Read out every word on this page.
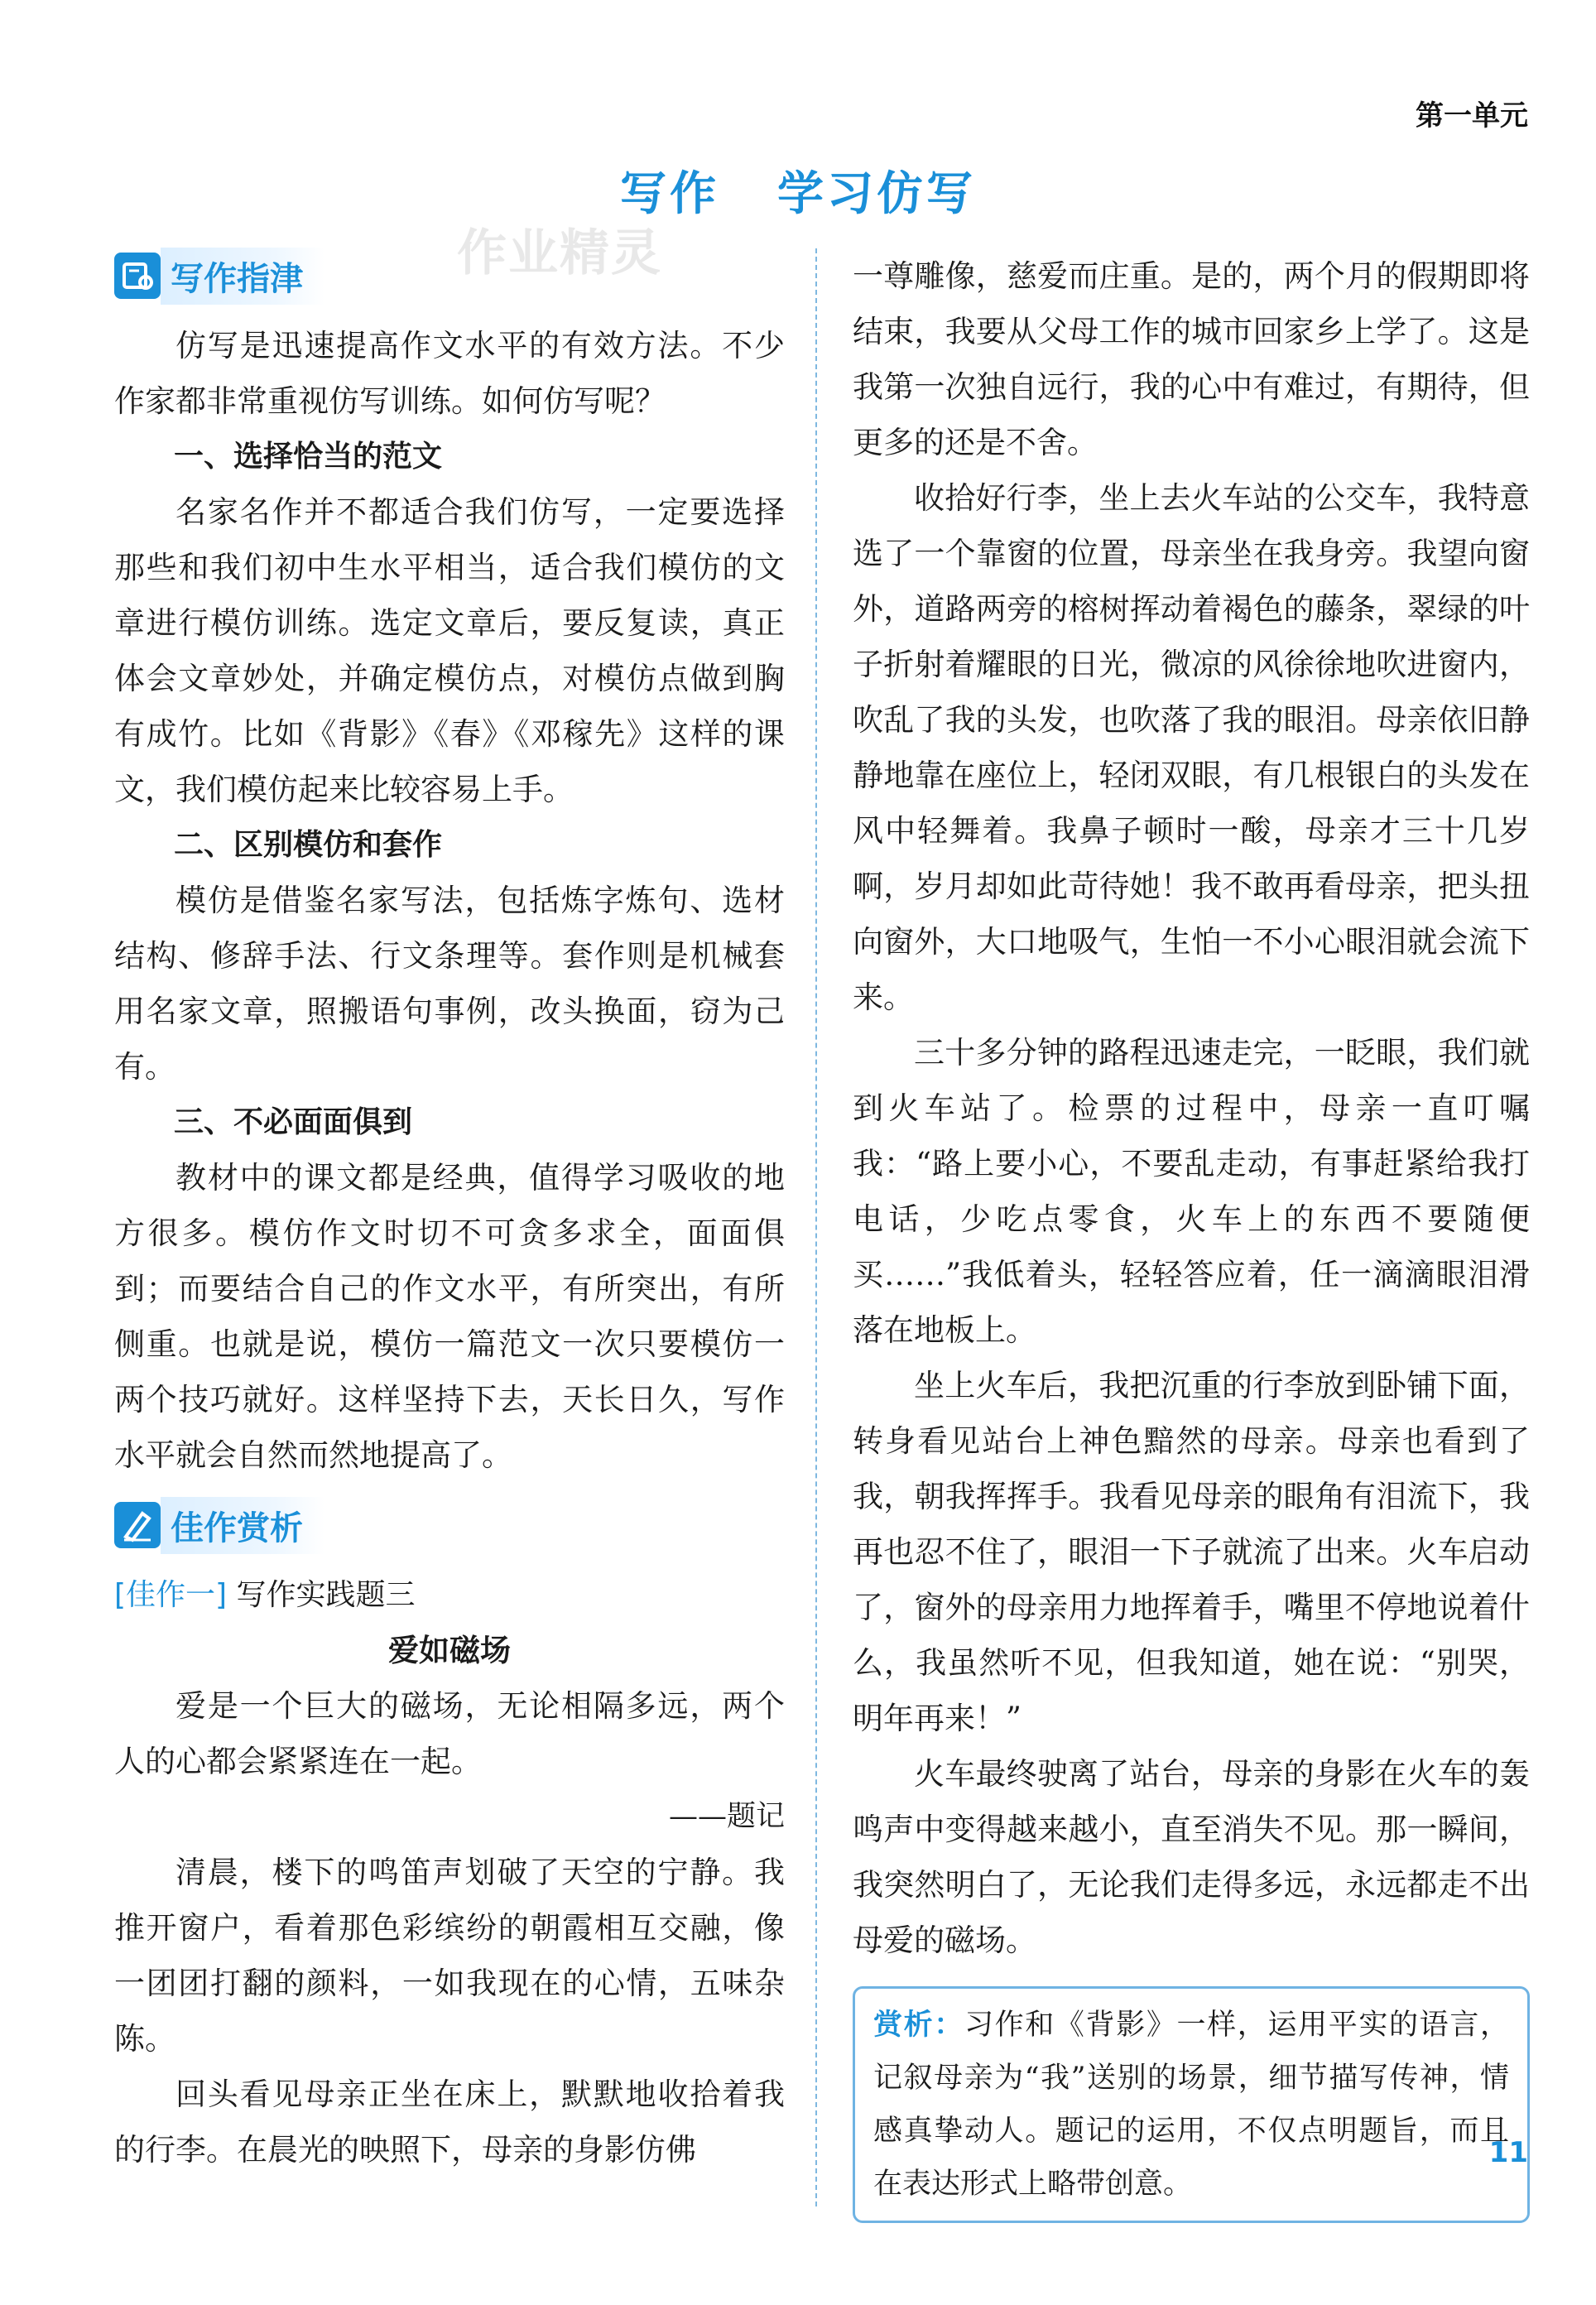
第一单元
写作 学习仿写
作业精灵
写作指津

仿写是迅速提高作文水平的有效方法。不少作家都非常重视仿写训练。如何仿写呢？

一、选择恰当的范文

名家名作并不都适合我们仿写，一定要选择那些和我们初中生水平相当，适合我们模仿的文章进行模仿训练。选定文章后，要反复读，真正体会文章妙处，并确定模仿点，对模仿点做到胸有成竹。比如《背影》《春》《邓稼先》这样的课文，我们模仿起来比较容易上手。

二、区别模仿和套作

模仿是借鉴名家写法，包括炼字炼句、选材结构、修辞手法、行文条理等。套作则是机械套用名家文章，照搬语句事例，改头换面，窃为己有。

三、不必面面俱到

教材中的课文都是经典，值得学习吸收的地方很多。模仿作文时切不可贪多求全，面面俱到；而要结合自己的作文水平，有所突出，有所侧重。也就是说，模仿一篇范文一次只要模仿一两个技巧就好。这样坚持下去，天长日久，写作水平就会自然而然地提高了。

佳作赏析
[佳作一] 写作实践题三
爱如磁场

爱是一个巨大的磁场，无论相隔多远，两个人的心都会紧紧连在一起。

——题记

清晨，楼下的鸣笛声划破了天空的宁静。我推开窗户，看着那色彩缤纷的朝霞相互交融，像一团团打翻的颜料，一如我现在的心情，五味杂陈。

回头看见母亲正坐在床上，默默地收拾着我的行李。在晨光的映照下，母亲的身影仿佛

一尊雕像，慈爱而庄重。是的，两个月的假期即将结束，我要从父母工作的城市回家乡上学了。这是我第一次独自远行，我的心中有难过，有期待，但更多的还是不舍。

收拾好行李，坐上去火车站的公交车，我特意选了一个靠窗的位置，母亲坐在我身旁。我望向窗外，道路两旁的榕树挥动着褐色的藤条，翠绿的叶子折射着耀眼的日光，微凉的风徐徐地吹进窗内，吹乱了我的头发，也吹落了我的眼泪。母亲依旧静静地靠在座位上，轻闭双眼，有几根银白的头发在风中轻舞着。我鼻子顿时一酸，母亲才三十几岁啊，岁月却如此苛待她！我不敢再看母亲，把头扭向窗外，大口地吸气，生怕一不小心眼泪就会流下来。

三十多分钟的路程迅速走完，一眨眼，我们就到火车站了。检票的过程中，母亲一直叮嘱我：“路上要小心，不要乱走动，有事赶紧给我打电话，少吃点零食，火车上的东西不要随便买……”我低着头，轻轻答应着，任一滴滴眼泪滑落在地板上。

坐上火车后，我把沉重的行李放到卧铺下面，转身看见站台上神色黯然的母亲。母亲也看到了我，朝我挥挥手。我看见母亲的眼角有泪流下，我再也忍不住了，眼泪一下子就流了出来。火车启动了，窗外的母亲用力地挥着手，嘴里不停地说着什么，我虽然听不见，但我知道，她在说：“别哭，明年再来！”

火车最终驶离了站台，母亲的身影在火车的轰鸣声中变得越来越小，直至消失不见。那一瞬间，我突然明白了，无论我们走得多远，永远都走不出母爱的磁场。

赏析：习作和《背影》一样，运用平实的语言，记叙母亲为“我”送别的场景，细节描写传神，情感真挚动人。题记的运用，不仅点明题旨，而且在表达形式上略带创意。

11
